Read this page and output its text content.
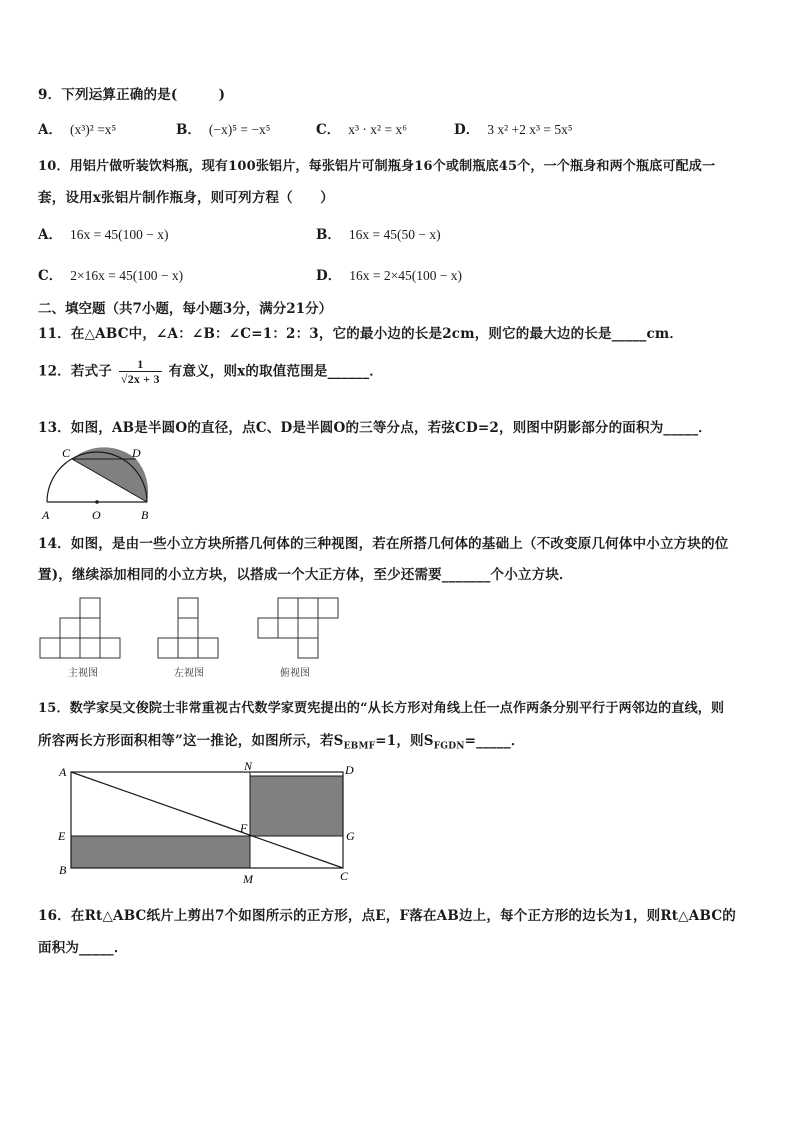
9．下列运算正确的是(　　　)
A． (x³)² =x⁵	B． (−x)⁵ = −x⁵	C． x³ · x² = x⁶	D． 3 x² +2 x³ = 5x⁵
10．用铝片做听装饮料瓶，现有100张铝片，每张铝片可制瓶身16个或制瓶底45个，一个瓶身和两个瓶底可配成一
套，设用x张铝片制作瓶身，则可列方程（　　）
A． 16x = 45(100 − x)	B． 16x = 45(50 − x)
C． 2×16x = 45(100 − x)	D． 16x = 2×45(100 − x)
二、填空题（共7小题，每小题3分，满分21分）
11．在△ABC中，∠A：∠B：∠C=1：2：3，它的最小边的长是2cm，则它的最大边的长是_____cm．
12．若式子 $\frac{1}{√2x + 3}$ 有意义，则x的取值范围是______．
13．如图，AB是半圆O的直径，点C、D是半圆O的三等分点，若弦CD=2，则图中阴影部分的面积为_____．
C	D
A	O	B
14．如图，是由一些小立方块所搭几何体的三种视图，若在所搭几何体的基础上（不改变原几何体中小立方块的位
置)，继续添加相同的小立方块，以搭成一个大正方体，至少还需要_______个小立方块．
主视图	左视图	俯视图
15．数学家吴文俊院士非常重视古代数学家贾宪提出的“从长方形对角线上任一点作两条分别平行于两邻边的直线，则
所容两长方形面积相等”这一推论，如图所示，若$S_{EBMF}=1$，则$S_{FGDN}=\_\_\_\_\_$．
A	N	D
E
F
G
B
M	C
16．在Rt△ABC纸片上剪出7个如图所示的正方形，点E，F落在AB边上，每个正方形的边长为1，则Rt△ABC的
面积为_____．
